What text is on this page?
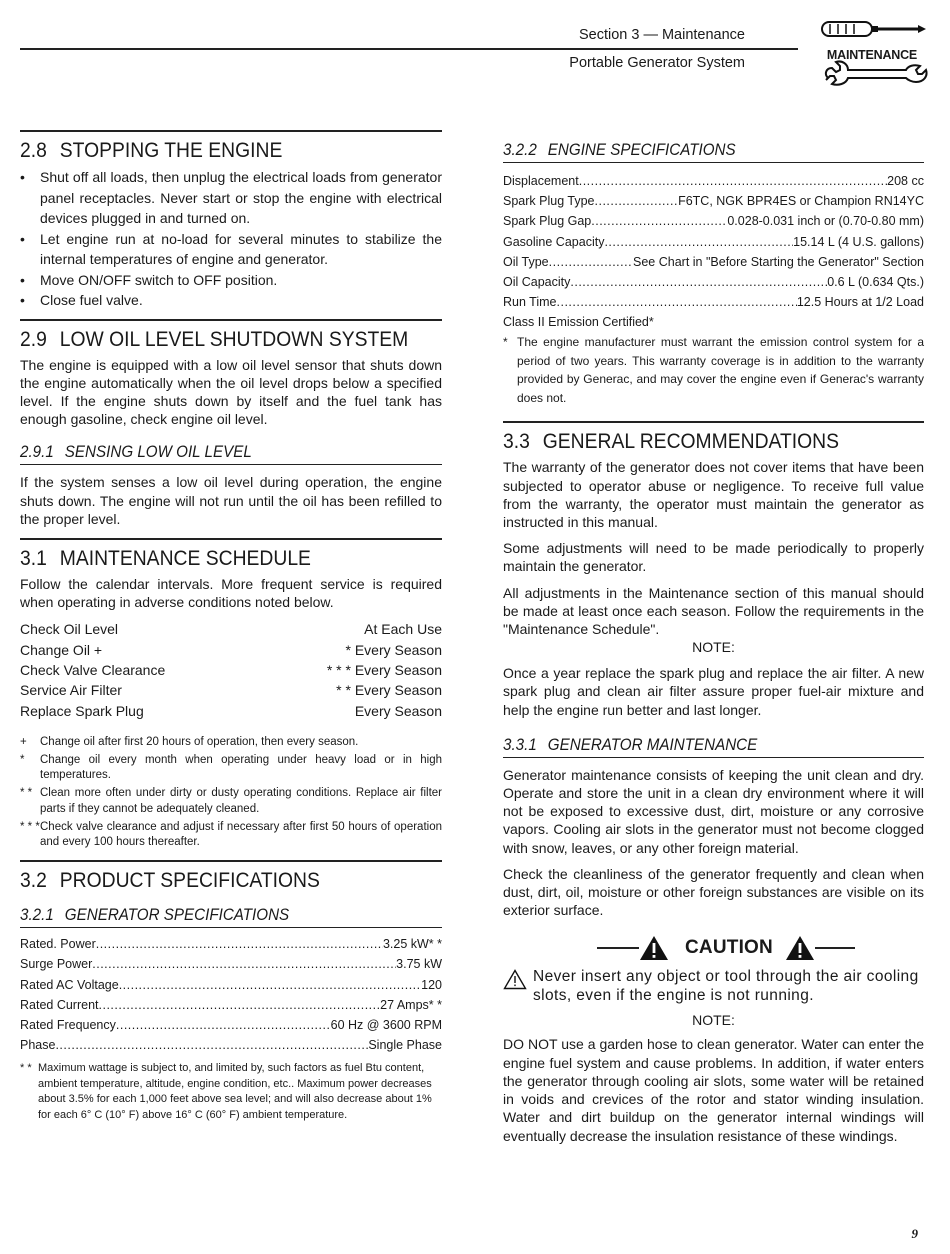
Section 3 — Maintenance
Portable Generator System	MAINTENANCE
2.8 STOPPING THE ENGINE
• Shut off all loads, then unplug the electrical loads from generator panel receptacles. Never start or stop the engine with electrical devices plugged in and turned on.
• Let engine run at no-load for several minutes to stabilize the internal temperatures of engine and generator.
• Move ON/OFF switch to OFF position.
• Close fuel valve.
2.9 LOW OIL LEVEL SHUTDOWN SYSTEM

The engine is equipped with a low oil level sensor that shuts down the engine automatically when the oil level drops below a specified level. If the engine shuts down by itself and the fuel tank has enough gasoline, check engine oil level.

2.9.1 SENSING LOW OIL LEVEL

If the system senses a low oil level during operation, the engine shuts down. The engine will not run until the oil has been refilled to the proper level.

3.1 MAINTENANCE SCHEDULE

Follow the calendar intervals. More frequent service is required when operating in adverse conditions noted below.

Check Oil Level	At Each Use
Change Oil +	* Every Season
Check Valve Clearance	* * * Every Season
Service Air Filter	* * Every Season
Replace Spark Plug	Every Season
+	Change oil after first 20 hours of operation, then every season.
*	Change oil every month when operating under heavy load or in high temperatures.
* * Clean more often under dirty or dusty operating conditions. Replace air filter parts if they cannot be adequately cleaned.
* * * Check valve clearance and adjust if necessary after first 50 hours of operation and every 100 hours thereafter.
3.2 PRODUCT SPECIFICATIONS
3.2.1 GENERATOR SPECIFICATIONS
Rated. Power .....	3.25 kW* *
Surge Power .....	3.75 kW
Rated AC Voltage .....	120
Rated Current .....	27 Amps* *
Rated Frequency .....	60 Hz @ 3600 RPM
Phase .....	Single Phase
* * Maximum wattage is subject to, and limited by, such factors as fuel Btu content, ambient temperature, altitude, engine condition, etc.. Maximum power decreases about 3.5% for each 1,000 feet above sea level; and will also decrease about 1% for each 6° C (10° F) above 16° C (60° F) ambient temperature.
3.2.2 ENGINE SPECIFICATIONS
Displacement .....	208 cc
Spark Plug Type .....	F6TC, NGK BPR4ES or Champion RN14YC
Spark Plug Gap .....	0.028-0.031 inch or (0.70-0.80 mm)
Gasoline Capacity .....	15.14 L (4 U.S. gallons)
Oil Type .....	See Chart in "Before Starting the Generator" Section
Oil Capacity .....	0.6 L (0.634 Qts.)
Run Time .....	12.5 Hours at 1/2 Load
Class II Emission Certified*
* The engine manufacturer must warrant the emission control system for a period of two years. This warranty coverage is in addition to the warranty provided by Generac, and may cover the engine even if Generac's warranty does not.
3.3 GENERAL RECOMMENDATIONS

The warranty of the generator does not cover items that have been subjected to operator abuse or negligence. To receive full value from the warranty, the operator must maintain the generator as instructed in this manual.

Some adjustments will need to be made periodically to properly maintain the generator.

All adjustments in the Maintenance section of this manual should be made at least once each season. Follow the requirements in the "Maintenance Schedule".

NOTE:

Once a year replace the spark plug and replace the air filter. A new spark plug and clean air filter assure proper fuel-air mixture and help the engine run better and last longer.

3.3.1 GENERATOR MAINTENANCE

Generator maintenance consists of keeping the unit clean and dry. Operate and store the unit in a clean dry environment where it will not be exposed to excessive dust, dirt, moisture or any corrosive vapors. Cooling air slots in the generator must not become clogged with snow, leaves, or any other foreign material.

Check the cleanliness of the generator frequently and clean when dust, dirt, oil, moisture or other foreign substances are visible on its exterior surface.

CAUTION
Never insert any object or tool through the air cooling slots, even if the engine is not running.
NOTE:

DO NOT use a garden hose to clean generator. Water can enter the engine fuel system and cause problems. In addition, if water enters the generator through cooling air slots, some water will be retained in voids and crevices of the rotor and stator winding insulation. Water and dirt buildup on the generator internal windings will eventually decrease the insulation resistance of these windings.

9
